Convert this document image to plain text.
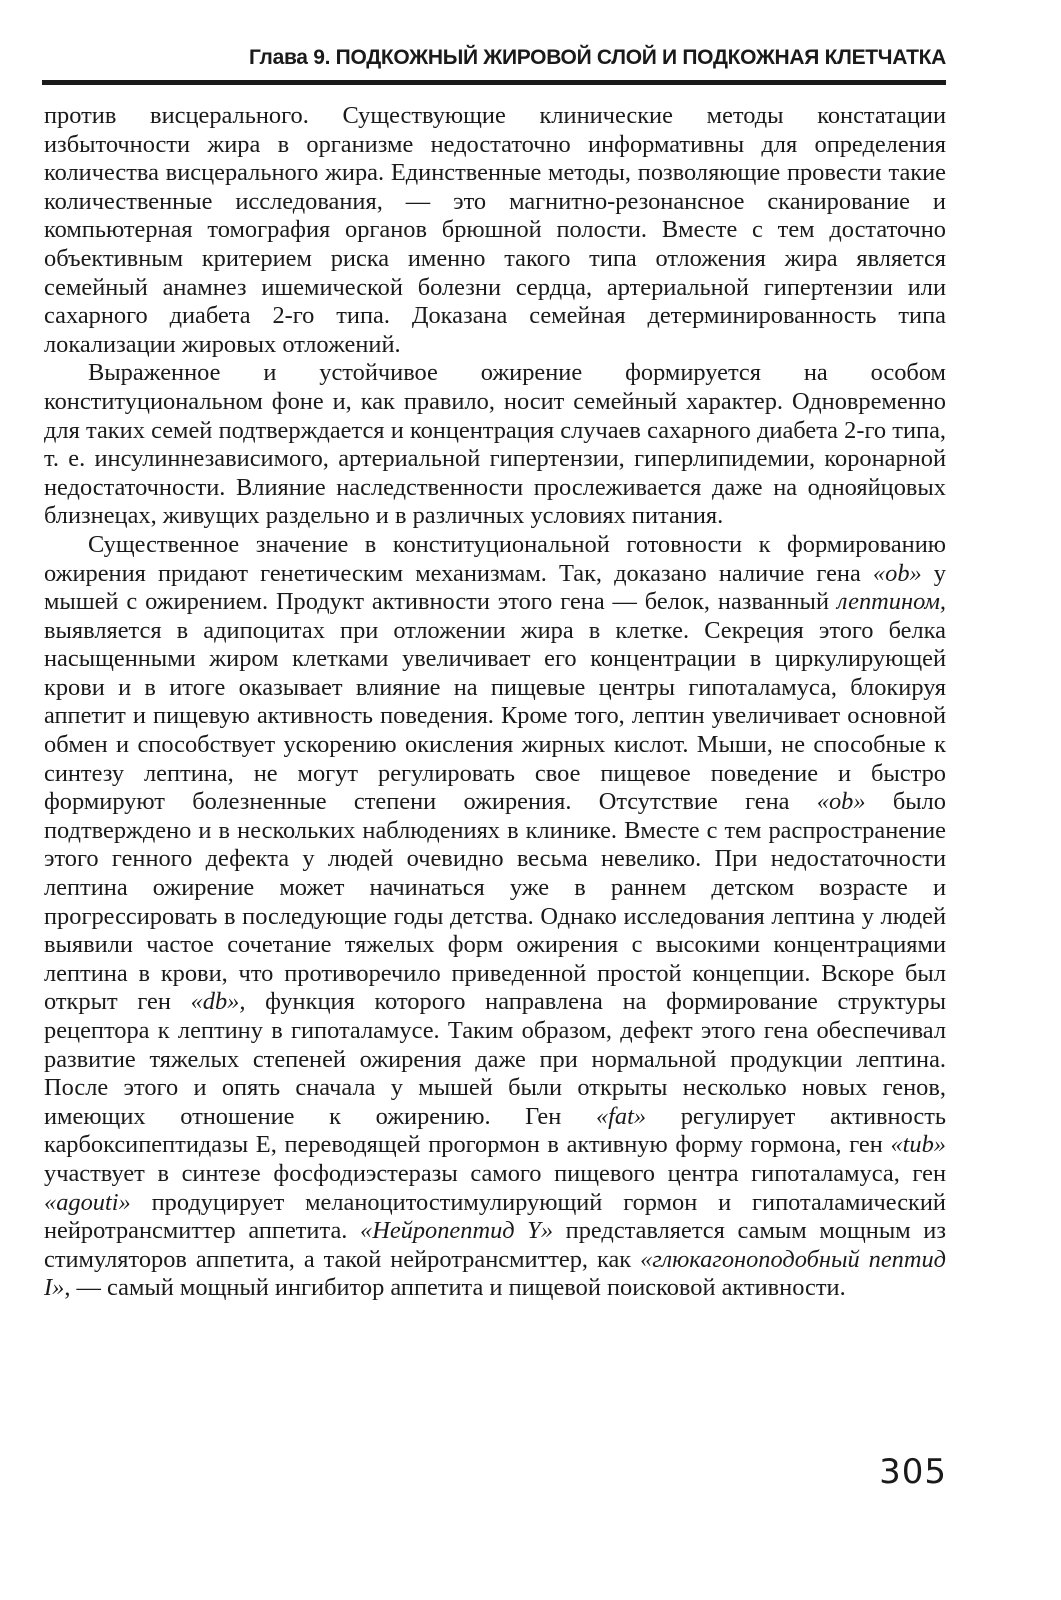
Глава 9. ПОДКОЖНЫЙ ЖИРОВОЙ СЛОЙ И ПОДКОЖНАЯ КЛЕТЧАТКА

против висцерального. Существующие клинические методы констатации избыточности жира в организме недостаточно информативны для определения количества висцерального жира. Единственные методы, позволяющие провести такие количественные исследования, — это магнитно-резонансное сканирование и компьютерная томография органов брюшной полости. Вместе с тем достаточно объективным критерием риска именно такого типа отложения жира является семейный анамнез ишемической болезни сердца, артериальной гипертензии или сахарного диабета 2-го типа. Доказана семейная детерминированность типа локализации жировых отложений.

Выраженное и устойчивое ожирение формируется на особом конституциональном фоне и, как правило, носит семейный характер. Одновременно для таких семей подтверждается и концентрация случаев сахарного диабета 2-го типа, т. е. инсулиннезависимого, артериальной гипертензии, гиперлипидемии, коронарной недостаточности. Влияние наследственности прослеживается даже на однояйцовых близнецах, живущих раздельно и в различных условиях питания.

Существенное значение в конституциональной готовности к формированию ожирения придают генетическим механизмам. Так, доказано наличие гена «ob» у мышей с ожирением. Продукт активности этого гена — белок, названный лептином, выявляется в адипоцитах при отложении жира в клетке. Секреция этого белка насыщенными жиром клетками увеличивает его концентрации в циркулирующей крови и в итоге оказывает влияние на пищевые центры гипоталамуса, блокируя аппетит и пищевую активность поведения. Кроме того, лептин увеличивает основной обмен и способствует ускорению окисления жирных кислот. Мыши, не способные к синтезу лептина, не могут регулировать свое пищевое поведение и быстро формируют болезненные степени ожирения. Отсутствие гена «ob» было подтверждено и в нескольких наблюдениях в клинике. Вместе с тем распространение этого генного дефекта у людей очевидно весьма невелико. При недостаточности лептина ожирение может начинаться уже в раннем детском возрасте и прогрессировать в последующие годы детства. Однако исследования лептина у людей выявили частое сочетание тяжелых форм ожирения с высокими концентрациями лептина в крови, что противоречило приведенной простой концепции. Вскоре был открыт ген «db», функция которого направлена на формирование структуры рецептора к лептину в гипоталамусе. Таким образом, дефект этого гена обеспечивал развитие тяжелых степеней ожирения даже при нормальной продукции лептина. После этого и опять сначала у мышей были открыты несколько новых генов, имеющих отношение к ожирению. Ген «fat» регулирует активность карбоксипептидазы Е, переводящей прогормон в активную форму гормона, ген «tub» участвует в синтезе фосфодиэстеразы самого пищевого центра гипоталамуса, ген «agouti» продуцирует меланоцитостимулирующий гормон и гипоталамический нейротрансмиттер аппетита. «Нейропептид Y» представляется самым мощным из стимуляторов аппетита, а такой нейротрансмиттер, как «глюкагоноподобный пептид I», — самый мощный ингибитор аппетита и пищевой поисковой активности.

305
